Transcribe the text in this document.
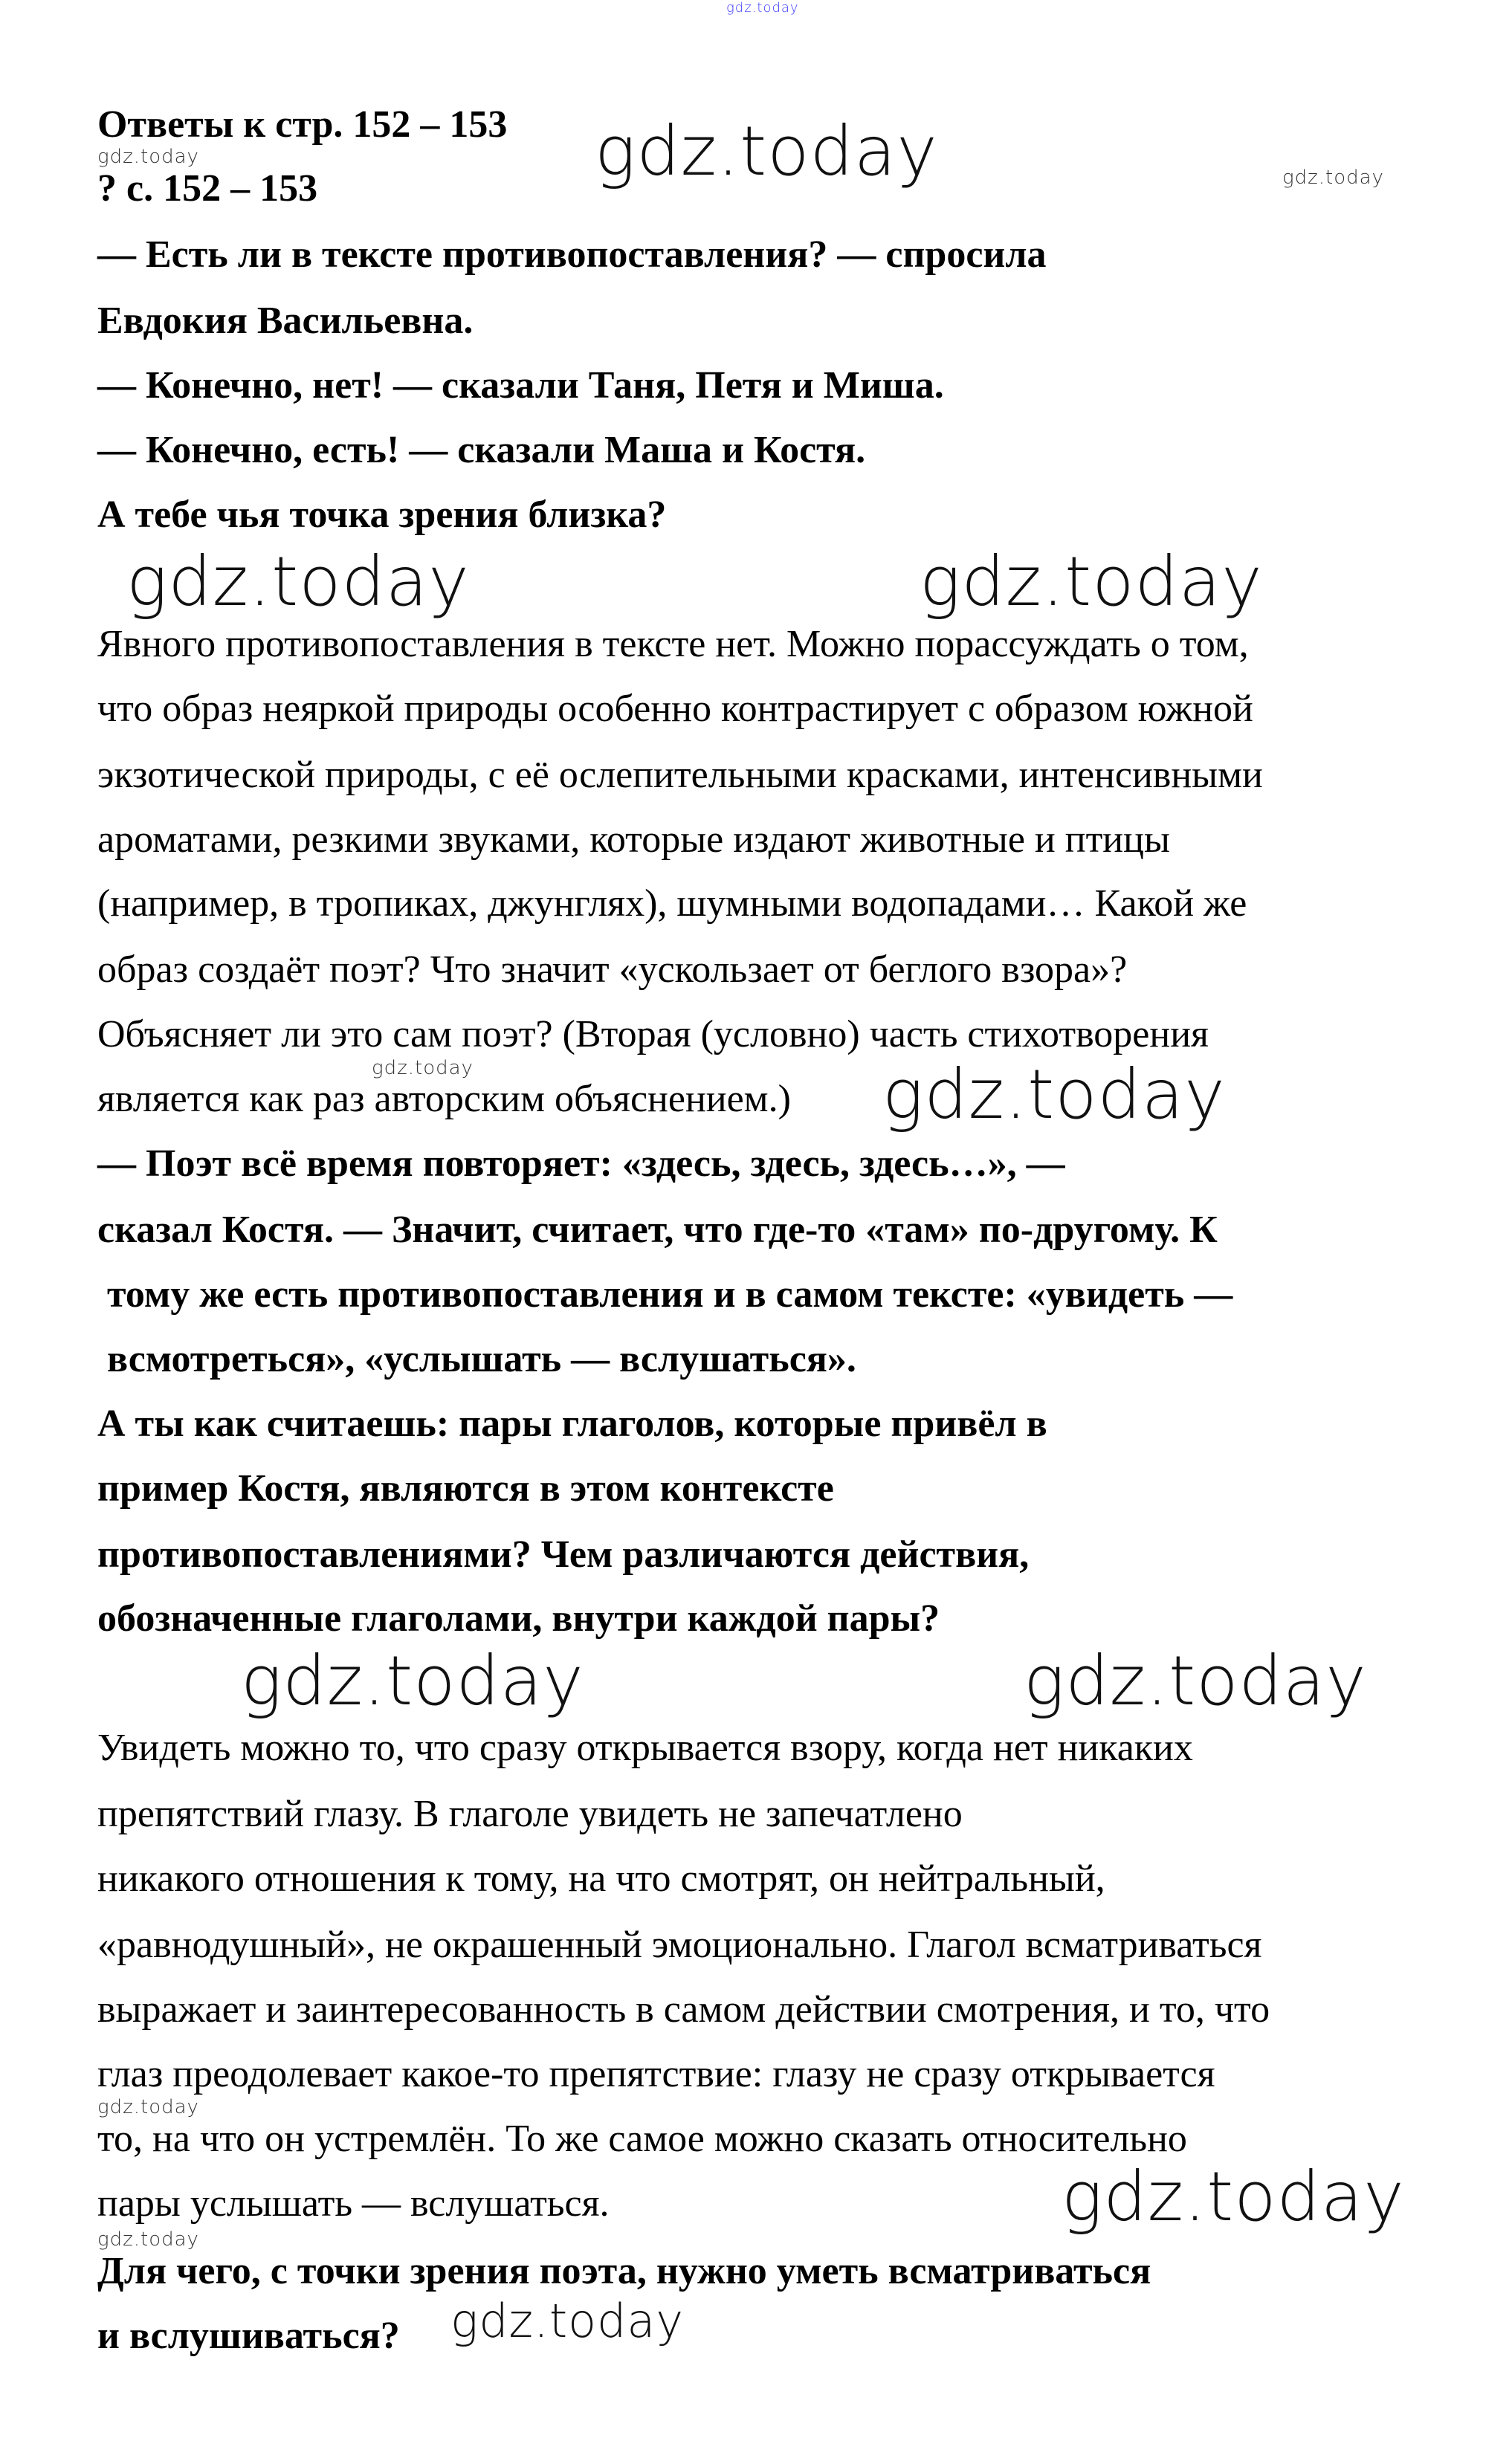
gdz.today
gdz.today
gdz.today
gdz.today
gdz.today	gdz.today
gdz.today	gdz.today
gdz.today	gdz.today
gdz.today
gdz.today
gdz.today
gdz.today
Ответы к стр. 152 – 153
? с. 152 – 153
— Есть ли в тексте противопоставления? — спросила
Евдокия Васильевна.
— Конечно, нет! — сказали Таня, Петя и Миша.
— Конечно, есть! — сказали Маша и Костя.
А тебе чья точка зрения близка?
Явного противопоставления в тексте нет. Можно порассуждать о том,
что образ неяркой природы особенно контрастирует с образом южной
экзотической природы, с её ослепительными красками, интенсивными
ароматами, резкими звуками, которые издают животные и птицы
(например, в тропиках, джунглях), шумными водопадами… Какой же
образ создаёт поэт? Что значит «ускользает от беглого взора»?
Объясняет ли это сам поэт? (Вторая (условно) часть стихотворения
является как раз авторским объяснением.)
— Поэт всё время повторяет: «здесь, здесь, здесь…», —
сказал Костя. — Значит, считает, что где-то «там» по-другому. К
тому же есть противопоставления и в самом тексте: «увидеть —
всмотреться», «услышать — вслушаться».
А ты как считаешь: пары глаголов, которые привёл в
пример Костя, являются в этом контексте
противопоставлениями? Чем различаются действия,
обозначенные глаголами, внутри каждой пары?
Увидеть можно то, что сразу открывается взору, когда нет никаких
препятствий глазу. В глаголе увидеть не запечатлено
никакого отношения к тому, на что смотрят, он нейтральный,
«равнодушный», не окрашенный эмоционально. Глагол всматриваться
выражает и заинтересованность в самом действии смотрения, и то, что
глаз преодолевает какое-то препятствие: глазу не сразу открывается
то, на что он устремлён. То же самое можно сказать относительно
пары услышать — вслушаться.
Для чего, с точки зрения поэта, нужно уметь всматриваться
и вслушиваться?
